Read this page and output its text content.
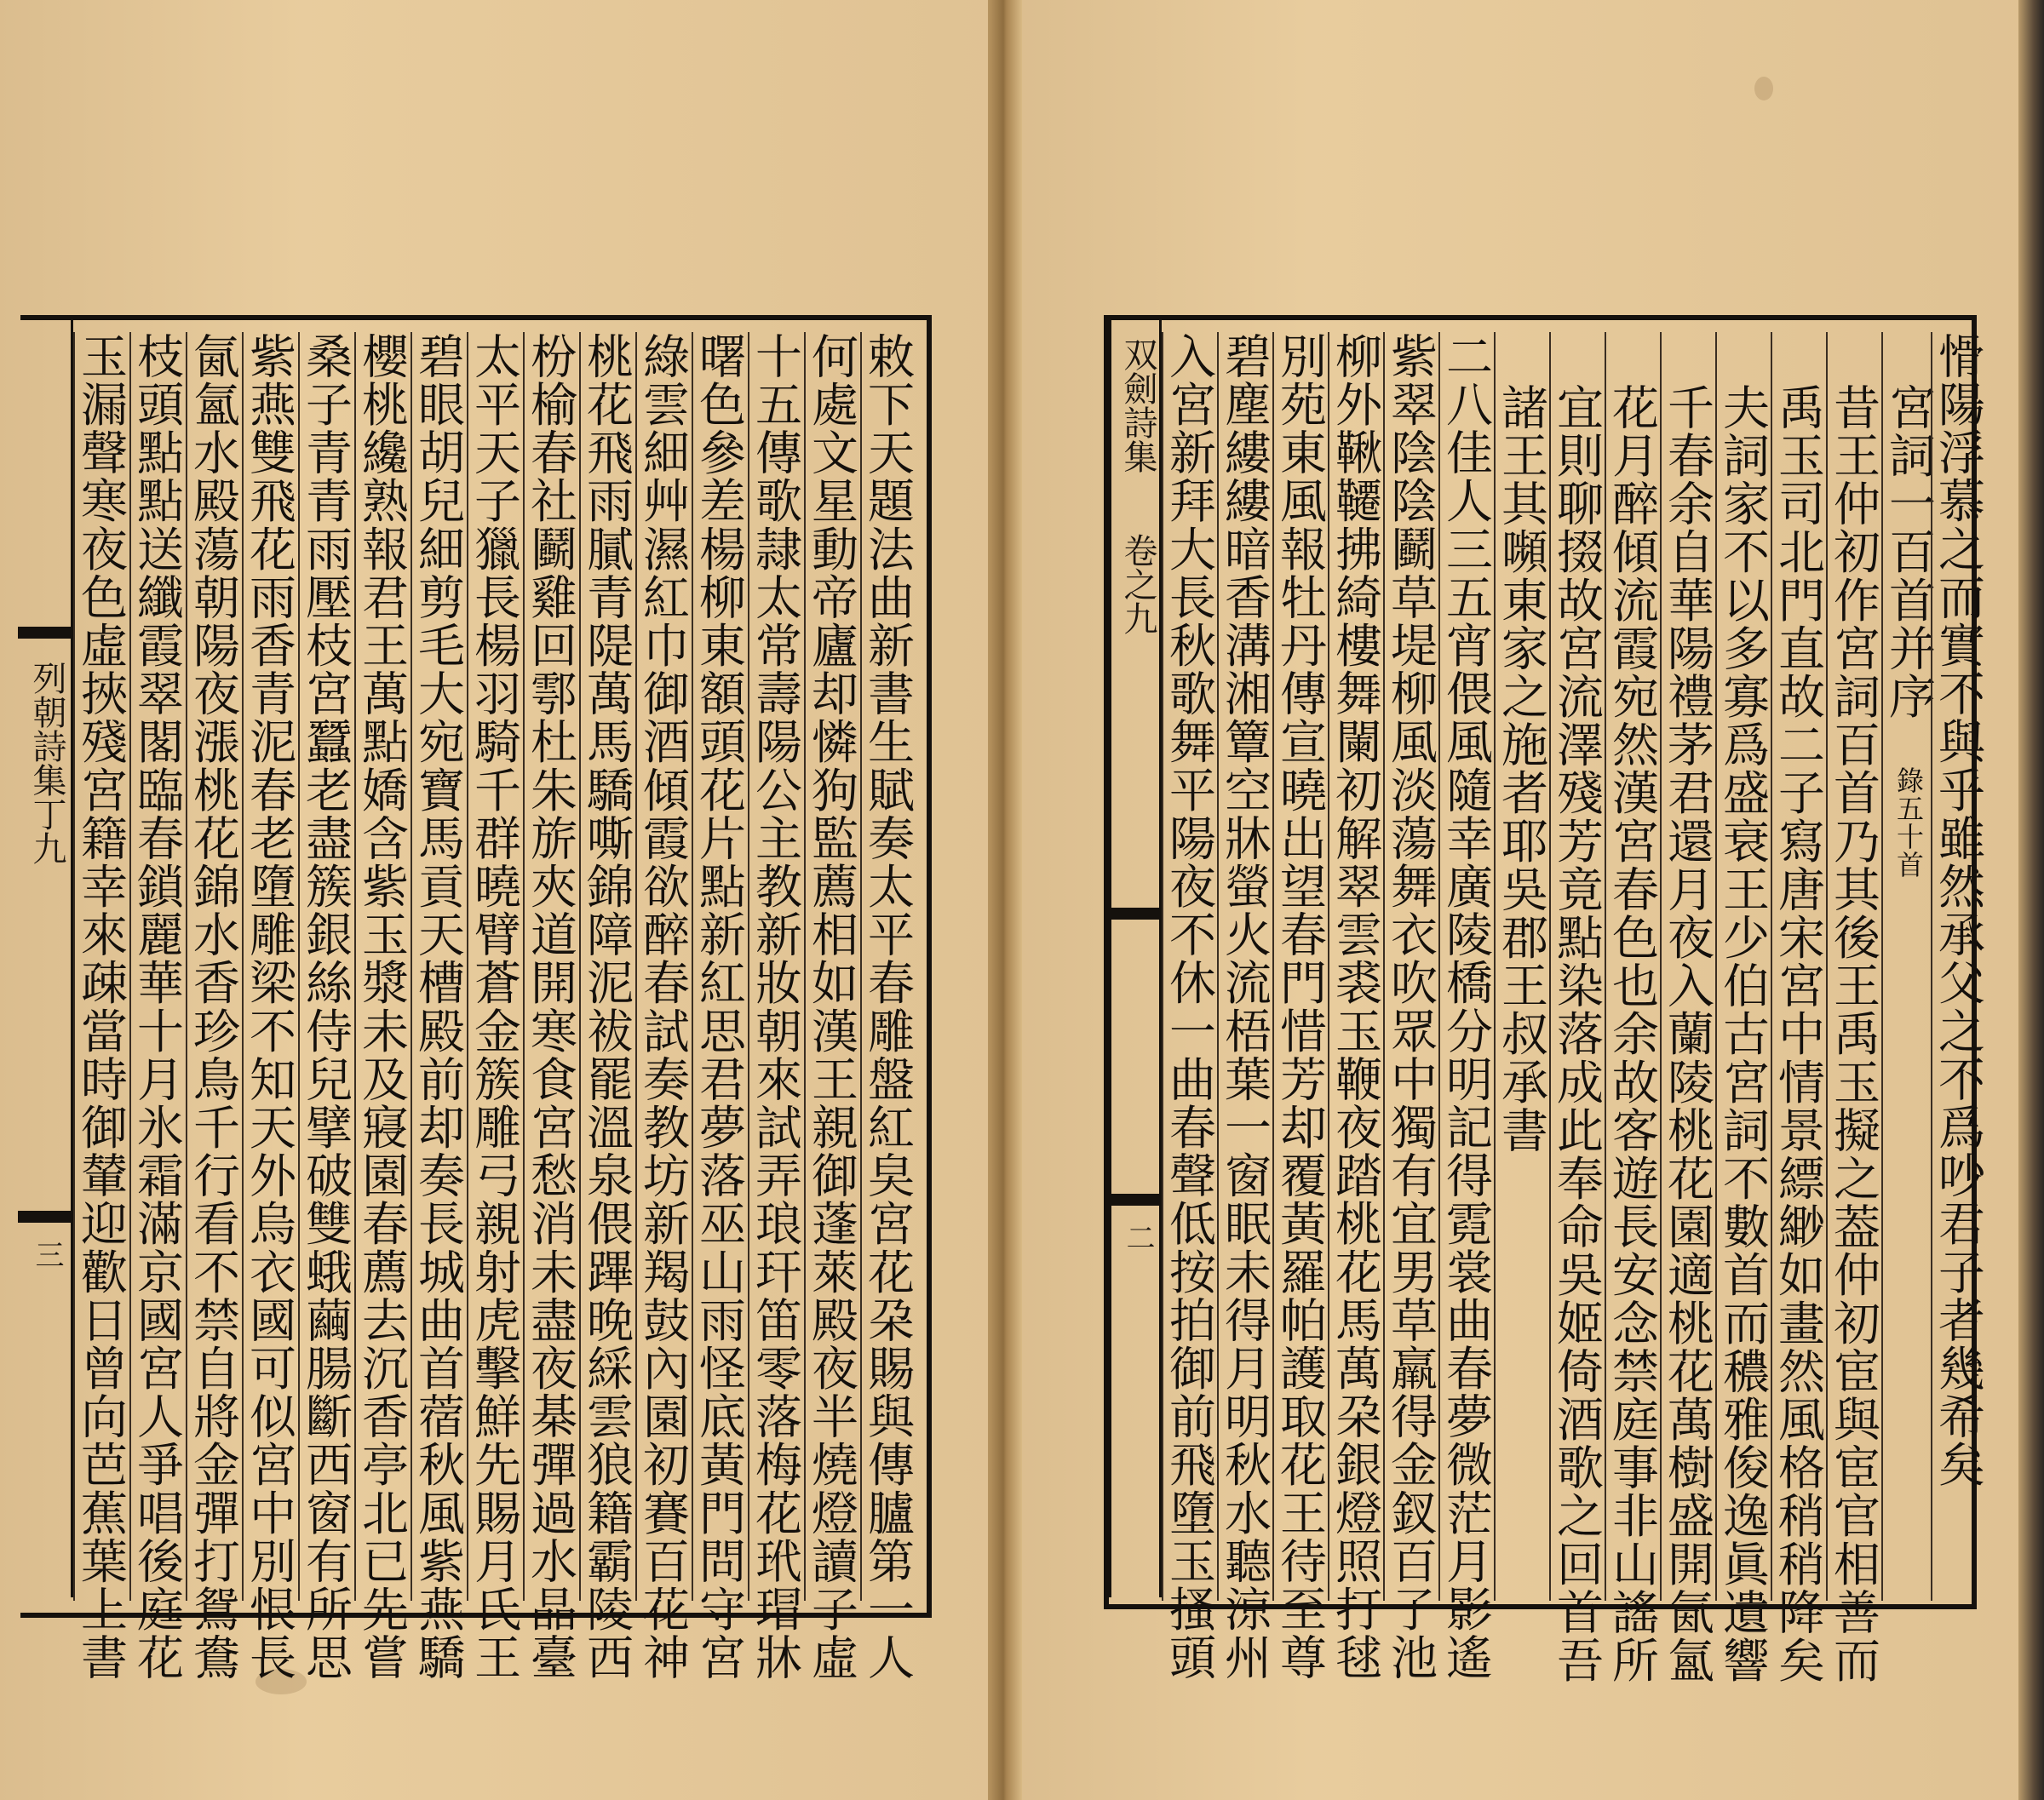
双劍詩集
卷之九
二 入宮新拜大長秋歌舞平陽夜不休一曲春聲低按拍御前飛墮玉搔頭 碧塵縷縷暗香溝湘簟空牀螢火流梧葉一窗眠未得月明秋水聽涼州 別苑東風報牡丹傳宣曉出望春門惜芳却覆黃羅帕護取花王待至尊 柳外鞦韆拂綺樓舞闌初解翠雲裘玉鞭夜踏桃花馬萬朶銀燈照打毬 紫翠陰陰鬬草堤柳風淡蕩舞衣吹眾中獨有宜男草羸得金釵百子池 二八佳人三五宵偎風隨幸廣陵橋分明記得霓裳曲春夢微茫月影遙 諸王其嚬東家之施者耶吳郡王叔承書 宜則聊掇故宮流澤殘芳竟點染落成此奉命吳姬倚酒歌之回首吾 花月醉傾流霞宛然漢宮春色也余故客遊長安念禁庭事非山謠所 千春余自華陽禮茅君還月夜入蘭陵桃花園適桃花萬樹盛開氤氳 夫詞家不以多寡爲盛衰王少伯古宮詞不數首而穠雅俊逸眞遺響 禹玉司北門直故二子寫唐宋宮中情景縹緲如畫然風格稍稍降矣 昔王仲初作宮詞百首乃其後王禹玉擬之葢仲初宦與宦官相善而 宮詞一百首并序
錄五十首 愲陽浮慕之而實不與乎雖然承父之不爲吵君子者幾希矣
列朝詩集丁九
三 玉漏聲寒夜色虛挾殘宮籍幸來疎當時御輦迎歡日曾向芭蕉葉上書 枝頭點點送纖霞翠閣臨春鎖麗華十月氷霜滿京國宮人爭唱後庭花 氤氳水殿蕩朝陽夜漲桃花錦水香珍鳥千行看不禁自將金彈打鴛鴦 紫燕雙飛花雨香青泥春老墮雕梁不知天外烏衣國可似宮中別恨長 桑子青青雨壓枝宮蠶老盡簇銀絲侍兒擘破雙蛾繭腸斷西窗有所思 櫻桃纔熟報君王萬點嬌含紫玉漿未及寢園春薦去沉香亭北已先嘗 碧眼胡兒細剪毛大宛寶馬貢天槽殿前却奏長城曲首蓿秋風紫燕驕 太平天子獵長楊羽騎千群曉臂蒼金簇雕弓親射虎擊鮮先賜月氏王 枌榆春社鬬雞回鄠杜朱旂夾道開寒食宮愁消未盡夜棊彈過水晶臺 桃花飛雨膩青隄萬馬驕嘶錦障泥袚罷溫泉偎蹕晚綵雲狼籍霸陵西 綠雲細艸濕紅巾御酒傾霞欲醉春試奏教坊新羯鼓內園初賽百花神 曙色參差楊柳東額頭花片點新紅思君夢落巫山雨怪底黃門問守宮 十五傳歌隷太常壽陽公主教新妝朝來試弄琅玕笛零落梅花玳瑁牀 何處文星動帝廬却憐狗監薦相如漢王親御蓬萊殿夜半燒燈讀子虛 敕下天題法曲新書生賦奏太平春雕盤紅㚖宮花朶賜與傳臚第一人
